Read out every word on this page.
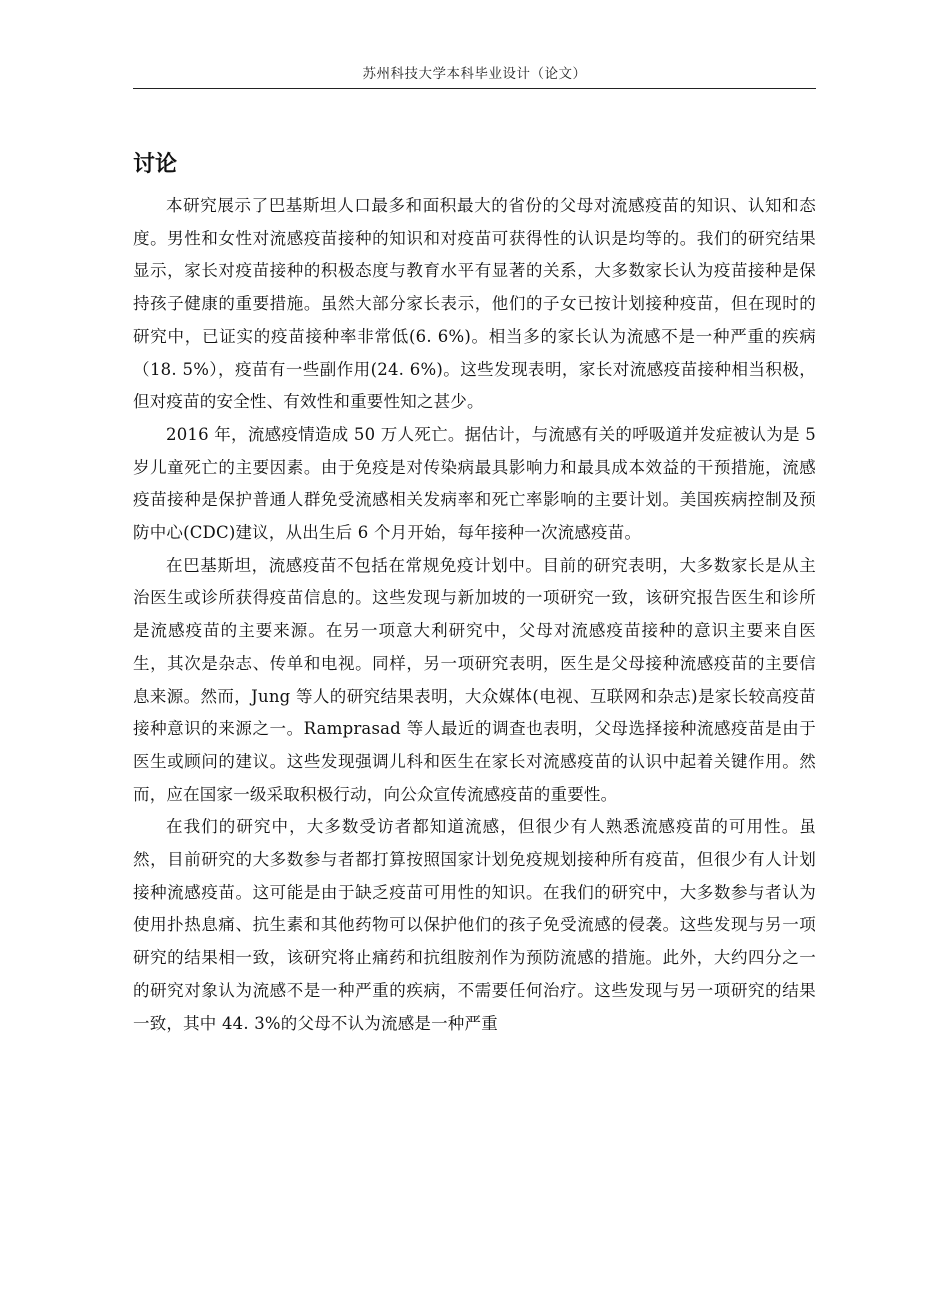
苏州科技大学本科毕业设计（论文）
讨论

本研究展示了巴基斯坦人口最多和面积最大的省份的父母对流感疫苗的知识、认知和态度。男性和女性对流感疫苗接种的知识和对疫苗可获得性的认识是均等的。我们的研究结果显示，家长对疫苗接种的积极态度与教育水平有显著的关系，大多数家长认为疫苗接种是保持孩子健康的重要措施。虽然大部分家长表示，他们的子女已按计划接种疫苗，但在现时的研究中，已证实的疫苗接种率非常低(6. 6%)。相当多的家长认为流感不是一种严重的疾病（18. 5%），疫苗有一些副作用(24. 6%)。这些发现表明，家长对流感疫苗接种相当积极，但对疫苗的安全性、有效性和重要性知之甚少。

2016 年，流感疫情造成 50 万人死亡。据估计，与流感有关的呼吸道并发症被认为是 5 岁儿童死亡的主要因素。由于免疫是对传染病最具影响力和最具成本效益的干预措施，流感疫苗接种是保护普通人群免受流感相关发病率和死亡率影响的主要计划。美国疾病控制及预防中心(CDC)建议，从出生后 6 个月开始，每年接种一次流感疫苗。

在巴基斯坦，流感疫苗不包括在常规免疫计划中。目前的研究表明，大多数家长是从主治医生或诊所获得疫苗信息的。这些发现与新加坡的一项研究一致，该研究报告医生和诊所是流感疫苗的主要来源。在另一项意大利研究中，父母对流感疫苗接种的意识主要来自医生，其次是杂志、传单和电视。同样，另一项研究表明，医生是父母接种流感疫苗的主要信息来源。然而，Jung 等人的研究结果表明，大众媒体(电视、互联网和杂志)是家长较高疫苗接种意识的来源之一。Ramprasad 等人最近的调查也表明，父母选择接种流感疫苗是由于医生或顾问的建议。这些发现强调儿科和医生在家长对流感疫苗的认识中起着关键作用。然而，应在国家一级采取积极行动，向公众宣传流感疫苗的重要性。

在我们的研究中，大多数受访者都知道流感，但很少有人熟悉流感疫苗的可用性。虽然，目前研究的大多数参与者都打算按照国家计划免疫规划接种所有疫苗，但很少有人计划接种流感疫苗。这可能是由于缺乏疫苗可用性的知识。在我们的研究中，大多数参与者认为使用扑热息痛、抗生素和其他药物可以保护他们的孩子免受流感的侵袭。这些发现与另一项研究的结果相一致，该研究将止痛药和抗组胺剂作为预防流感的措施。此外，大约四分之一的研究对象认为流感不是一种严重的疾病，不需要任何治疗。这些发现与另一项研究的结果一致，其中 44. 3%的父母不认为流感是一种严重
